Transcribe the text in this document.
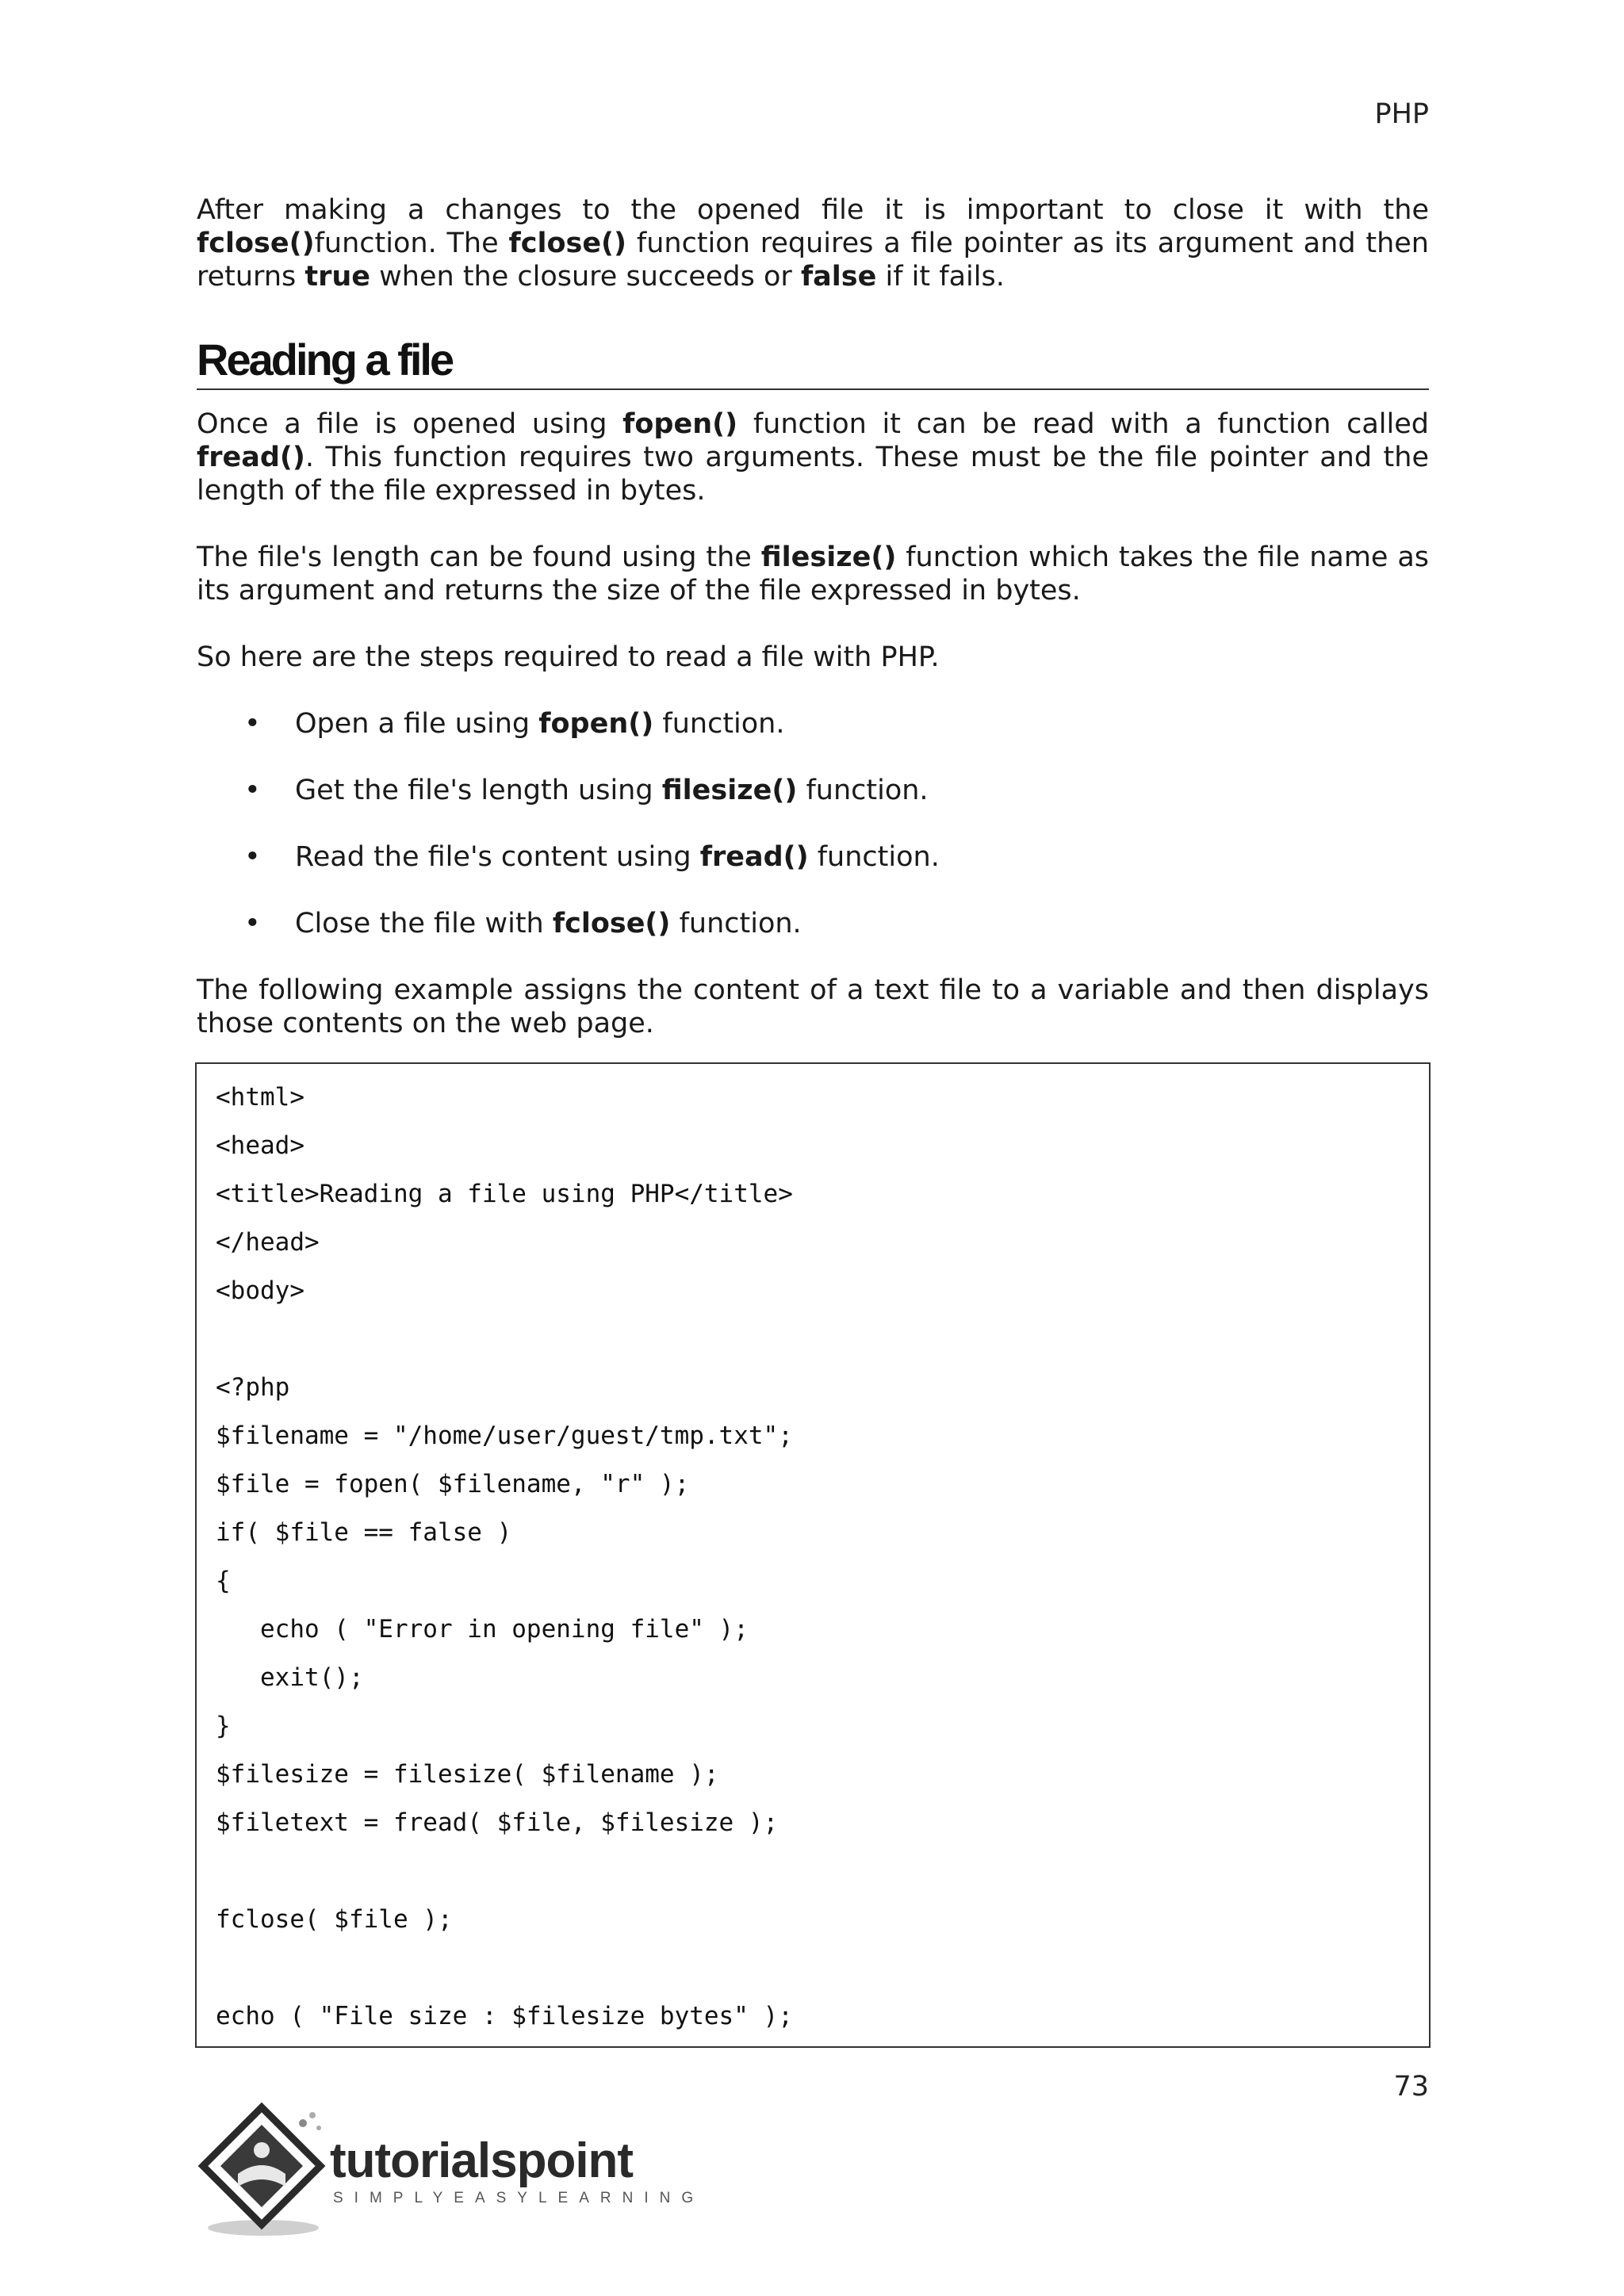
PHP

After making a changes to the opened file it is important to close it with the fclose()function. The fclose() function requires a file pointer as its argument and then returns true when the closure succeeds or false if it fails.

Reading a file

Once a file is opened using fopen() function it can be read with a function called fread(). This function requires two arguments. These must be the file pointer and the length of the file expressed in bytes.

The file's length can be found using the filesize() function which takes the file name as its argument and returns the size of the file expressed in bytes.

So here are the steps required to read a file with PHP.

• Open a file using fopen() function.
• Get the file's length using filesize() function.
• Read the file's content using fread() function.
• Close the file with fclose() function.

The following example assigns the content of a text file to a variable and then displays those contents on the web page.

<html>
<head>
<title>Reading a file using PHP</title>
</head>
<body>
<?php
$filename = "/home/user/guest/tmp.txt";
$file = fopen( $filename, "r" );
if( $file == false )
{
echo ( "Error in opening file" );
exit();
}
$filesize = filesize( $filename );
$filetext = fread( $file, $filesize );
fclose( $file );
echo ( "File size : $filesize bytes" );
73
tutorialspoint
SIMPLYEASYLEARNING
